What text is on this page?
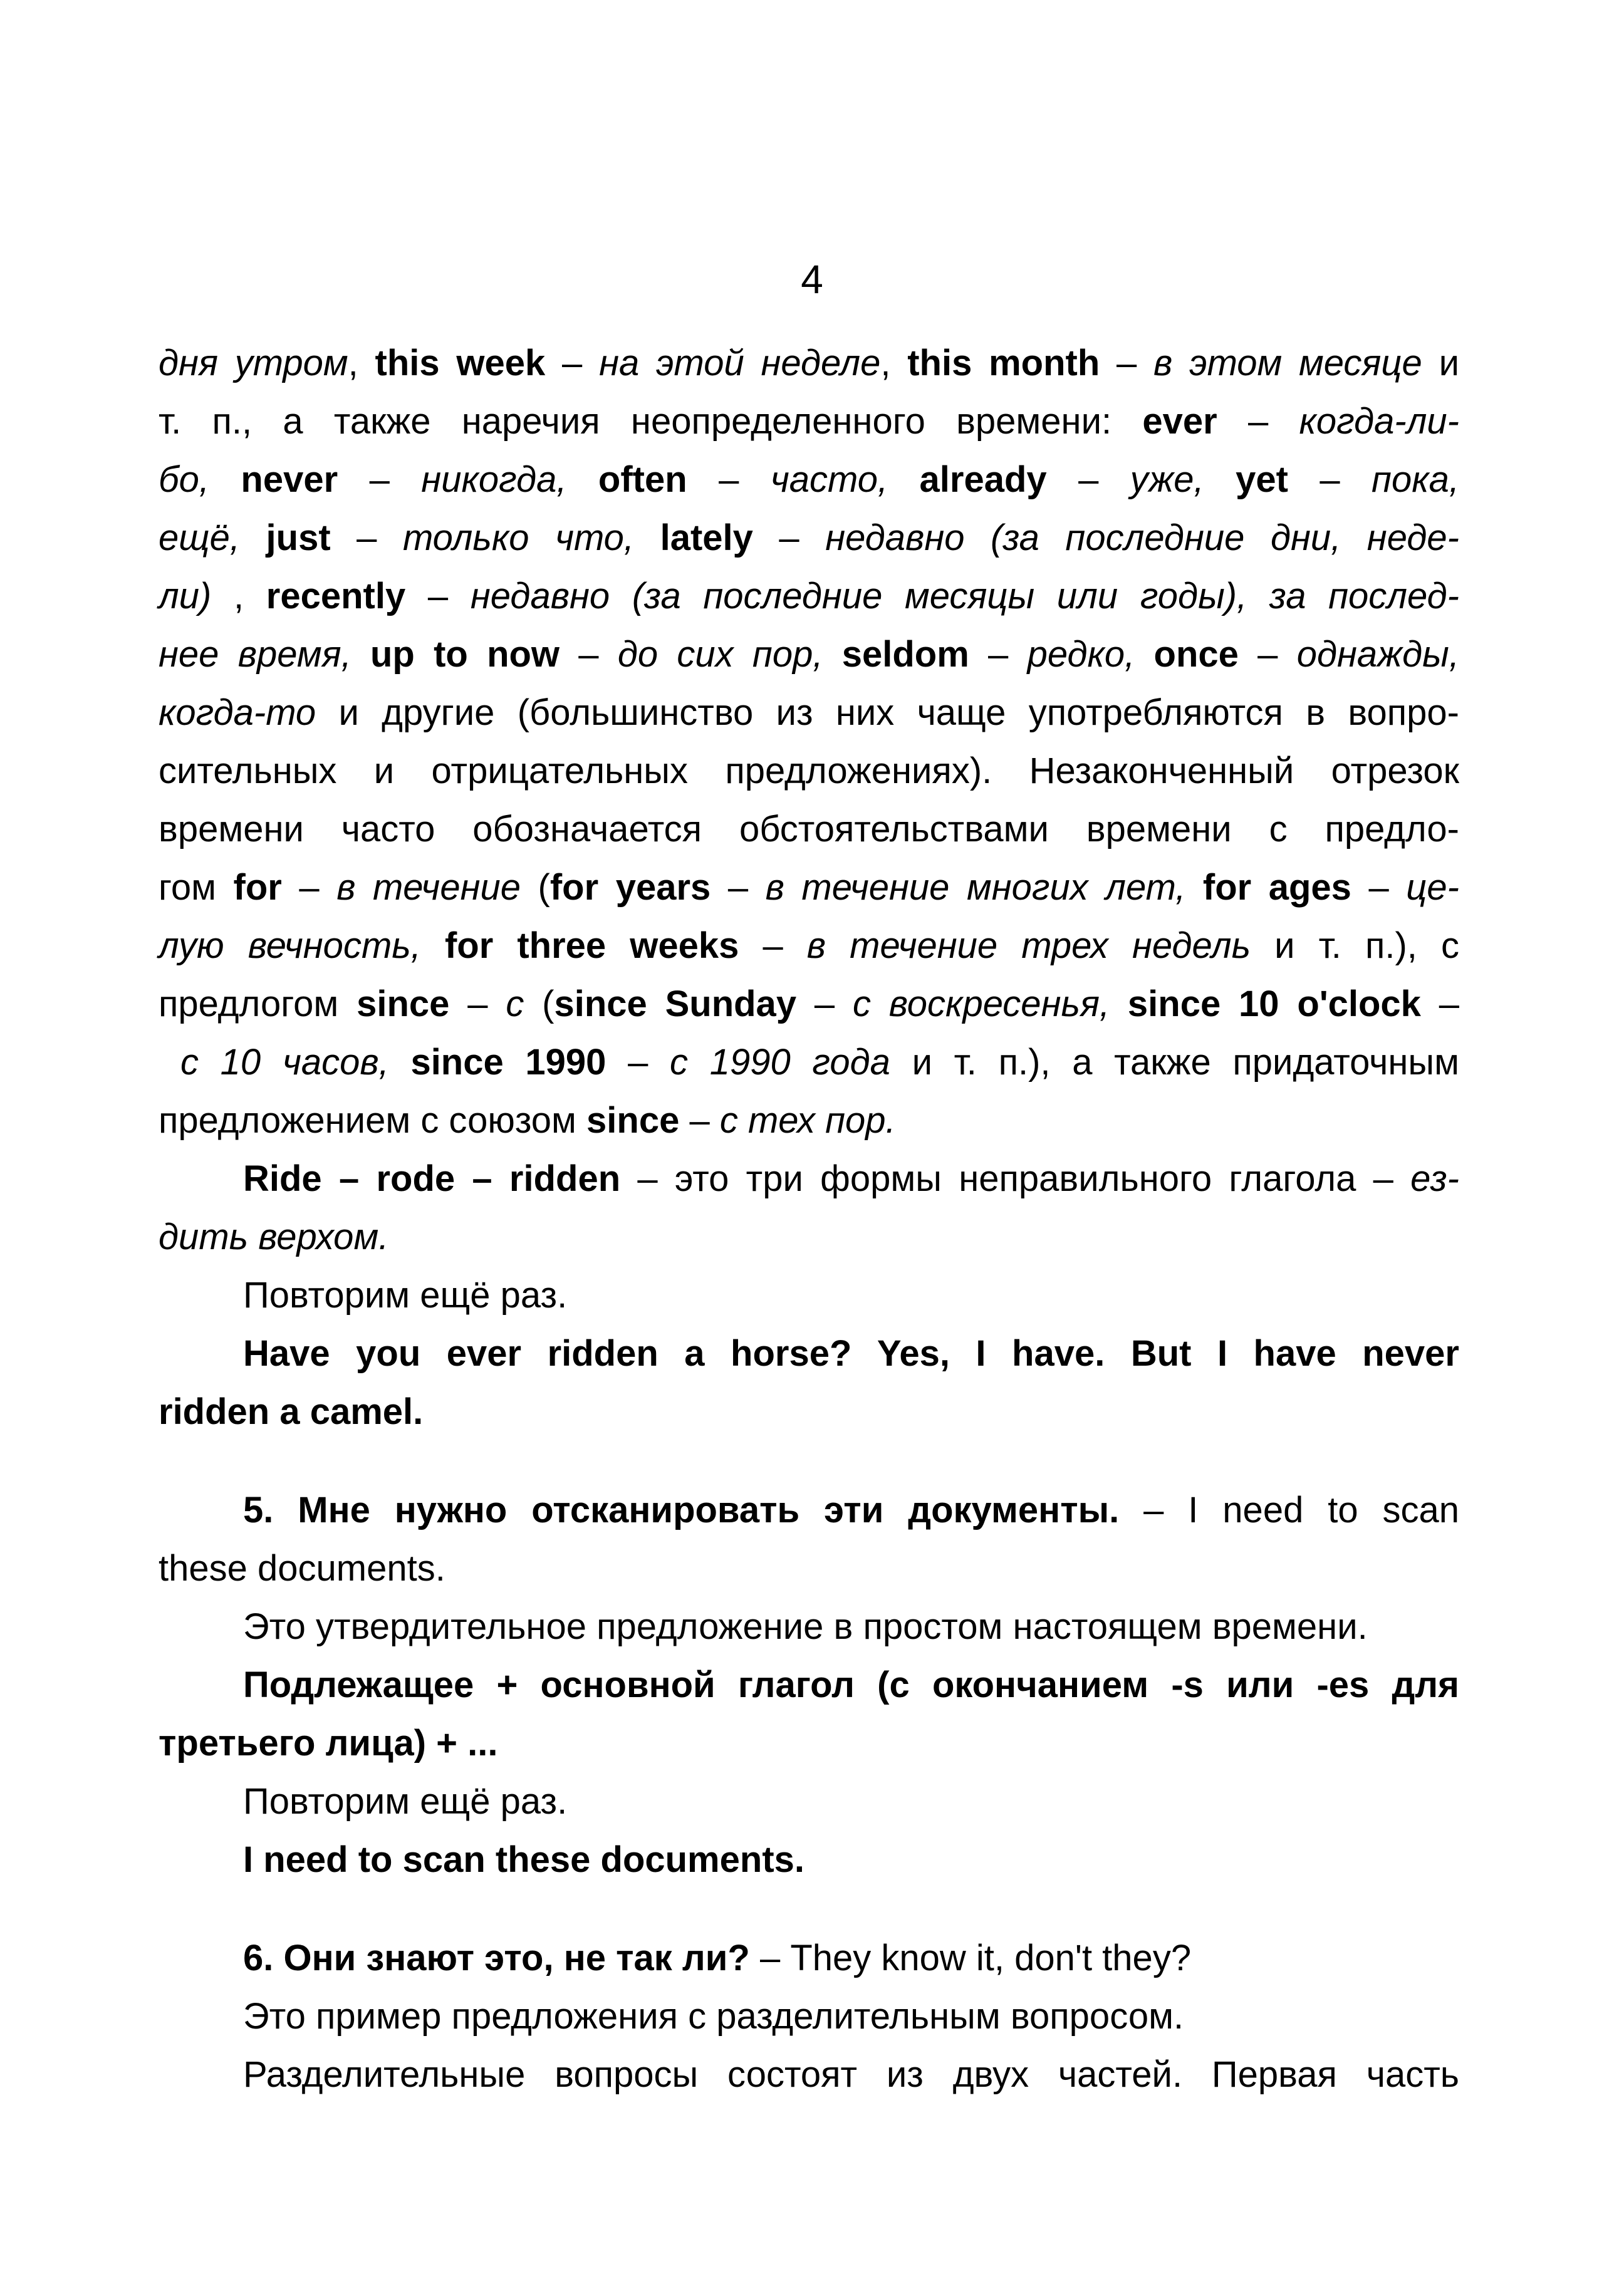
4
дня утром, this week – на этой неделе, this month – в этом месяце и
т. п., а также наречия неопределенного времени: ever – когда-ли-
бо, never – никогда, often – часто, already – уже, yet – пока,
ещё, just – только что, lately – недавно (за последние дни, неде-
ли) , recently – недавно (за последние месяцы или годы), за послед-
нее время, up to now – до сих пор, seldom – редко, once – однажды,
когда-то и другие (большинство из них чаще употребляются в вопро-
сительных и отрицательных предложениях). Незаконченный отрезок
времени часто обозначается обстоятельствами времени с предло-
гом for – в течение (for years – в течение многих лет, for ages – це-
лую вечность, for three weeks – в течение трех недель и т. п.), с
предлогом since – с (since Sunday – с воскресенья, since 10 o'clock –
с 10 часов, since 1990 – с 1990 года и т. п.), а также придаточным
предложением с союзом since – с тех пор.
Ride – rode – ridden – это три формы неправильного глагола – ез-
дить верхом.
Повторим ещё раз.
Have you ever ridden a horse? Yes, I have. But I have never
ridden a camel.
5. Мне нужно отсканировать эти документы. – I need to scan
these documents.
Это утвердительное предложение в простом настоящем времени.
Подлежащее + основной глагол (с окончанием -s или -es для
третьего лица) + ...
Повторим ещё раз.
I need to scan these documents.
6. Они знают это, не так ли? – They know it, don't they?
Это пример предложения с разделительным вопросом.
Разделительные вопросы состоят из двух частей. Первая часть
